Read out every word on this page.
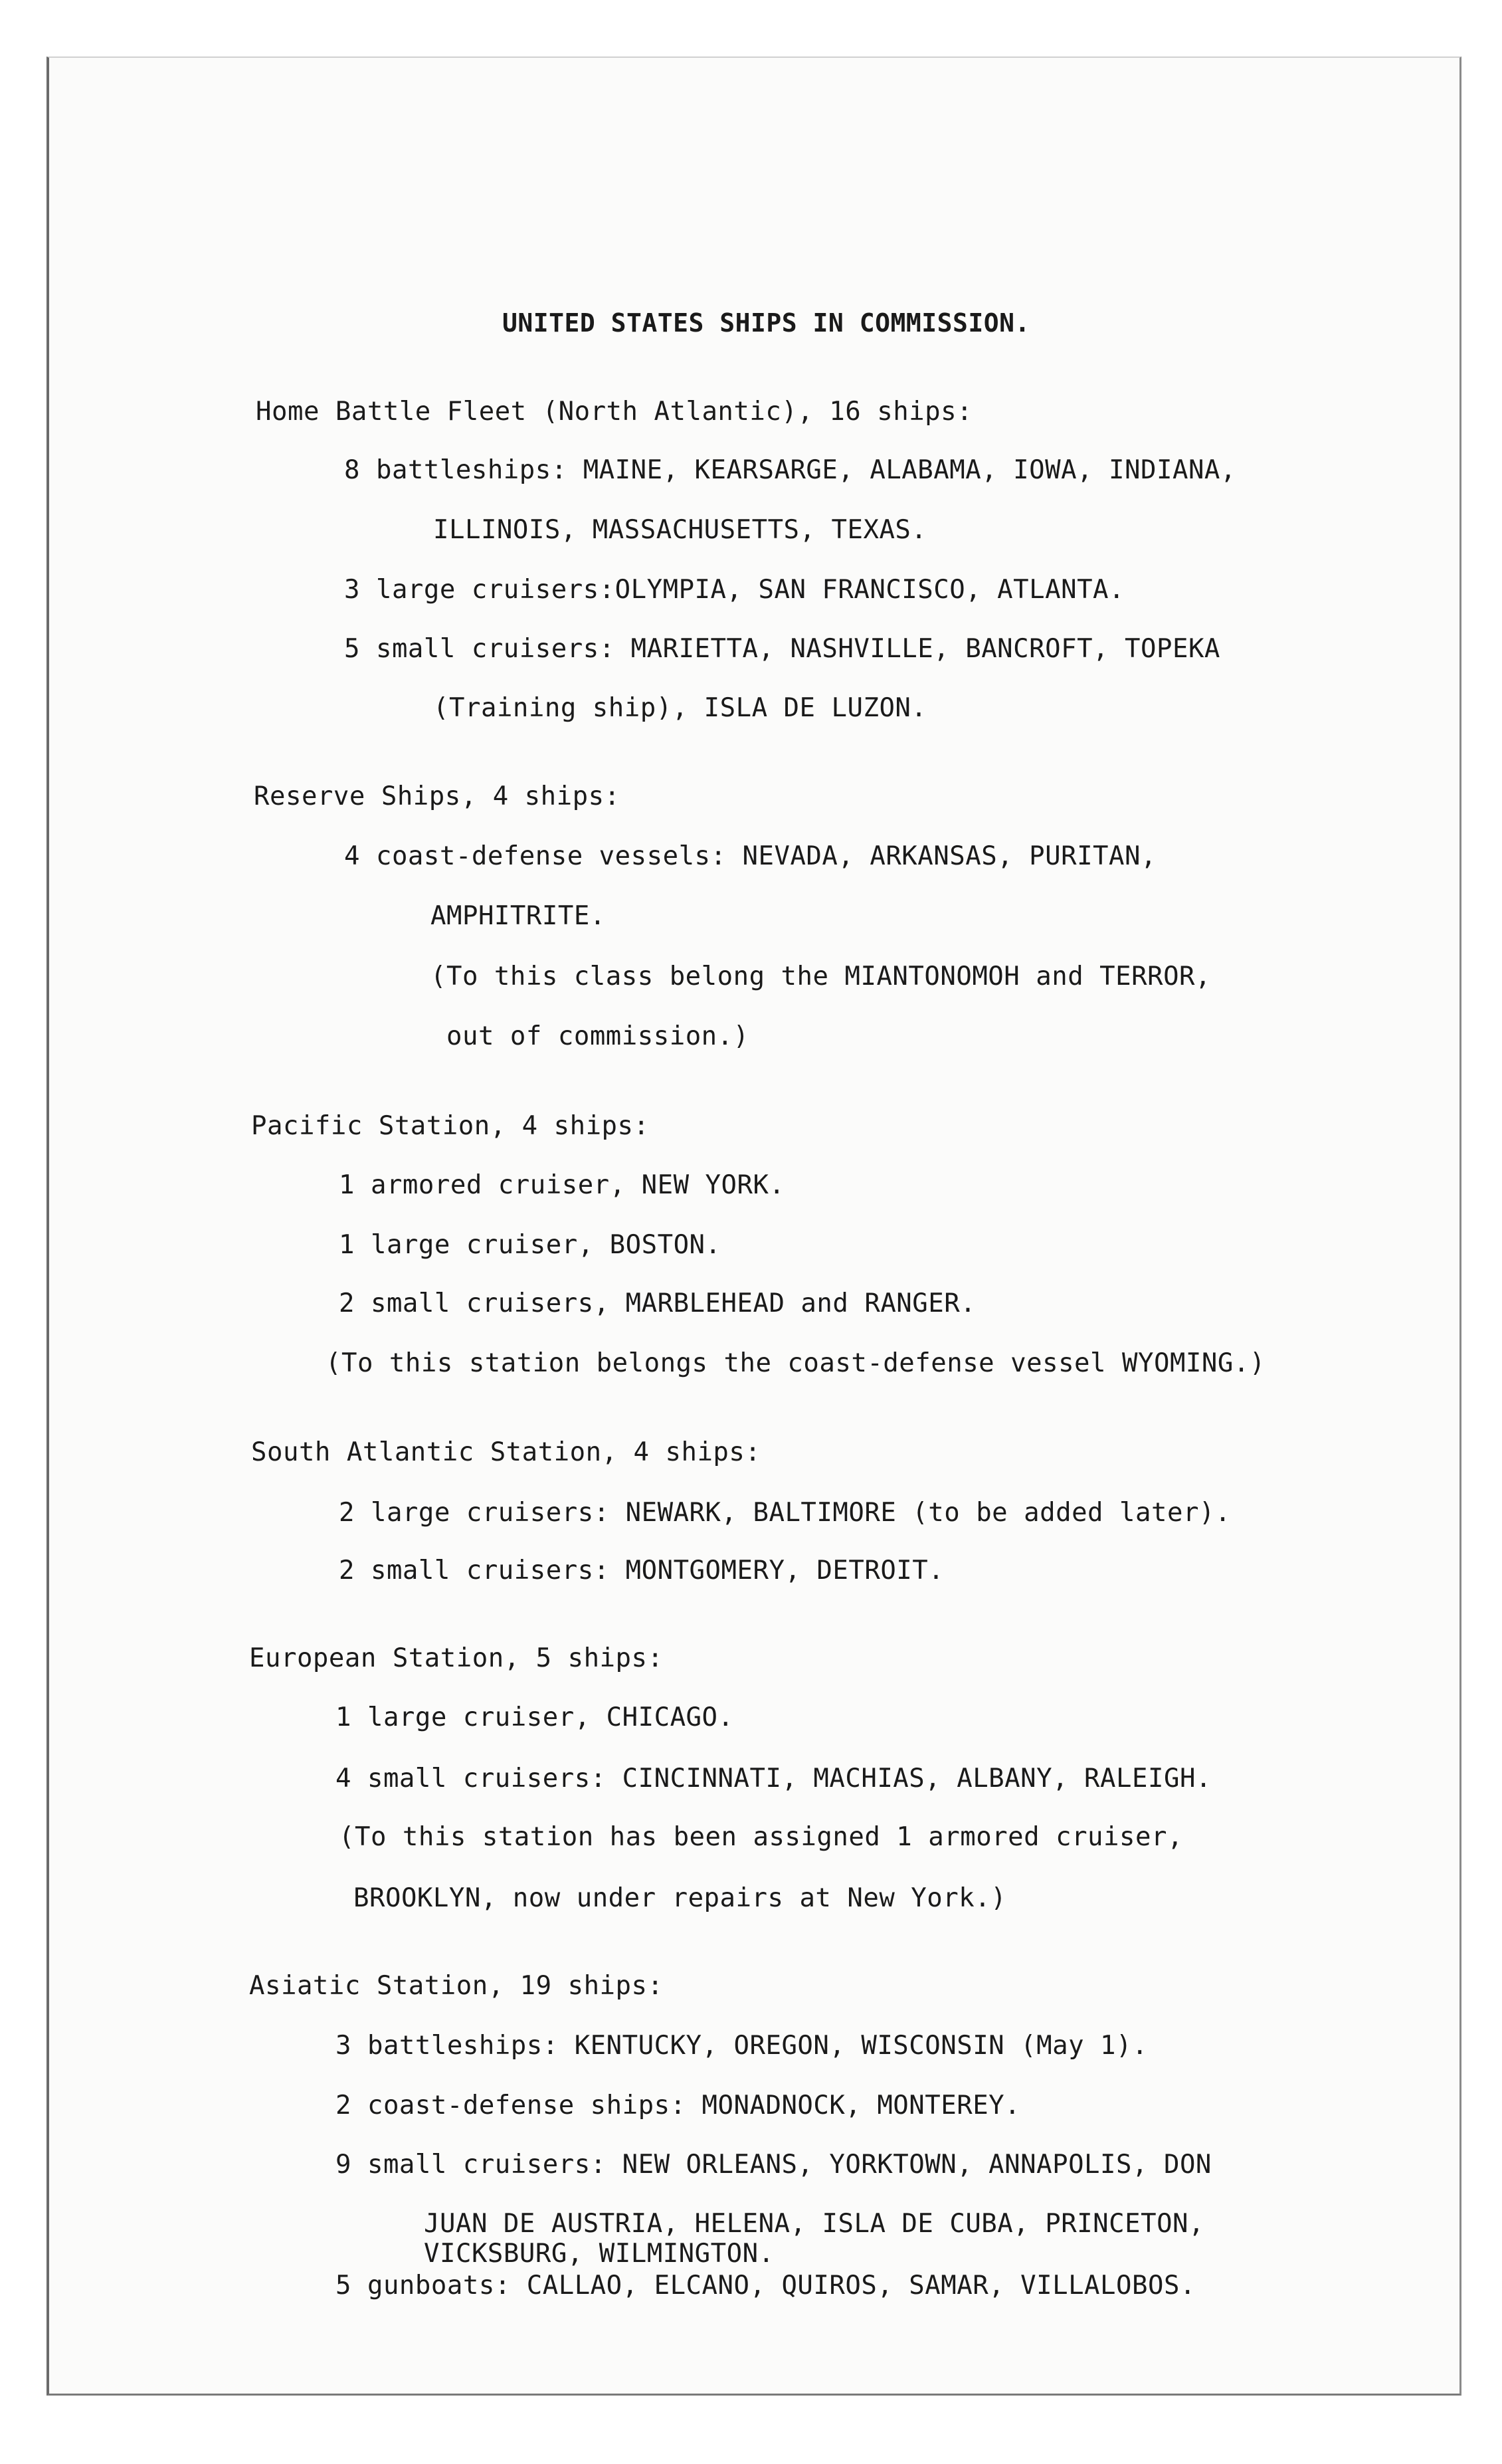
UNITED STATES SHIPS IN COMMISSION.
Home Battle Fleet (North Atlantic), 16 ships:
8 battleships: MAINE, KEARSARGE, ALABAMA, IOWA, INDIANA,
ILLINOIS, MASSACHUSETTS, TEXAS.
3 large cruisers:OLYMPIA, SAN FRANCISCO, ATLANTA.
5 small cruisers: MARIETTA, NASHVILLE, BANCROFT, TOPEKA
(Training ship), ISLA DE LUZON.
Reserve Ships, 4 ships:
4 coast-defense vessels: NEVADA, ARKANSAS, PURITAN,
AMPHITRITE.
(To this class belong the MIANTONOMOH and TERROR,
out of commission.)
Pacific Station, 4 ships:
1 armored cruiser, NEW YORK.
1 large cruiser, BOSTON.
2 small cruisers, MARBLEHEAD and RANGER.
(To this station belongs the coast-defense vessel WYOMING.)
South Atlantic Station, 4 ships:
2 large cruisers: NEWARK, BALTIMORE (to be added later).
2 small cruisers: MONTGOMERY, DETROIT.
European Station, 5 ships:
1 large cruiser, CHICAGO.
4 small cruisers: CINCINNATI, MACHIAS, ALBANY, RALEIGH.
(To this station has been assigned 1 armored cruiser,
BROOKLYN, now under repairs at New York.)
Asiatic Station, 19 ships:
3 battleships: KENTUCKY, OREGON, WISCONSIN (May 1).
2 coast-defense ships: MONADNOCK, MONTEREY.
9 small cruisers: NEW ORLEANS, YORKTOWN, ANNAPOLIS, DON
JUAN DE AUSTRIA, HELENA, ISLA DE CUBA, PRINCETON,
VICKSBURG, WILMINGTON.
5 gunboats: CALLAO, ELCANO, QUIROS, SAMAR, VILLALOBOS.
